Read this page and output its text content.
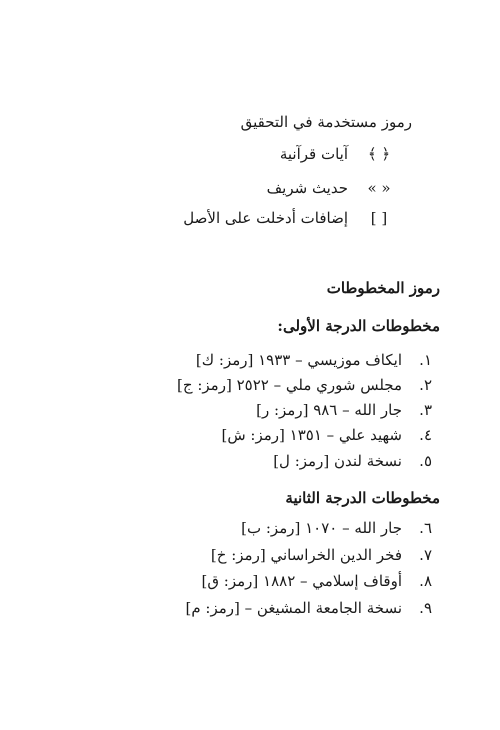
رموز مستخدمة في التحقيق
﴿ ﴾آيات قرآنية
« »حديث شريف
[ ]إضافات أدخلت على الأصل
رموز المخطوطات
مخطوطات الدرجة الأولى:
١.ايكاف موزيسي – ١٩٣٣ [رمز: ك]
٢.مجلس شوري ملي – ٢٥٢٢ [رمز: ج]
٣.جار الله – ٩٨٦ [رمز: ر]
٤.شهيد علي – ١٣٥١ [رمز: ش]
٥.نسخة لندن [رمز: ل]
مخطوطات الدرجة الثانية
٦.جار الله – ١٠٧٠ [رمز: ب]
٧.فخر الدين الخراساني [رمز: خ]
٨.أوقاف إسلامي – ١٨٨٢ [رمز: ق]
٩.نسخة الجامعة المشيغن – [رمز: م]
